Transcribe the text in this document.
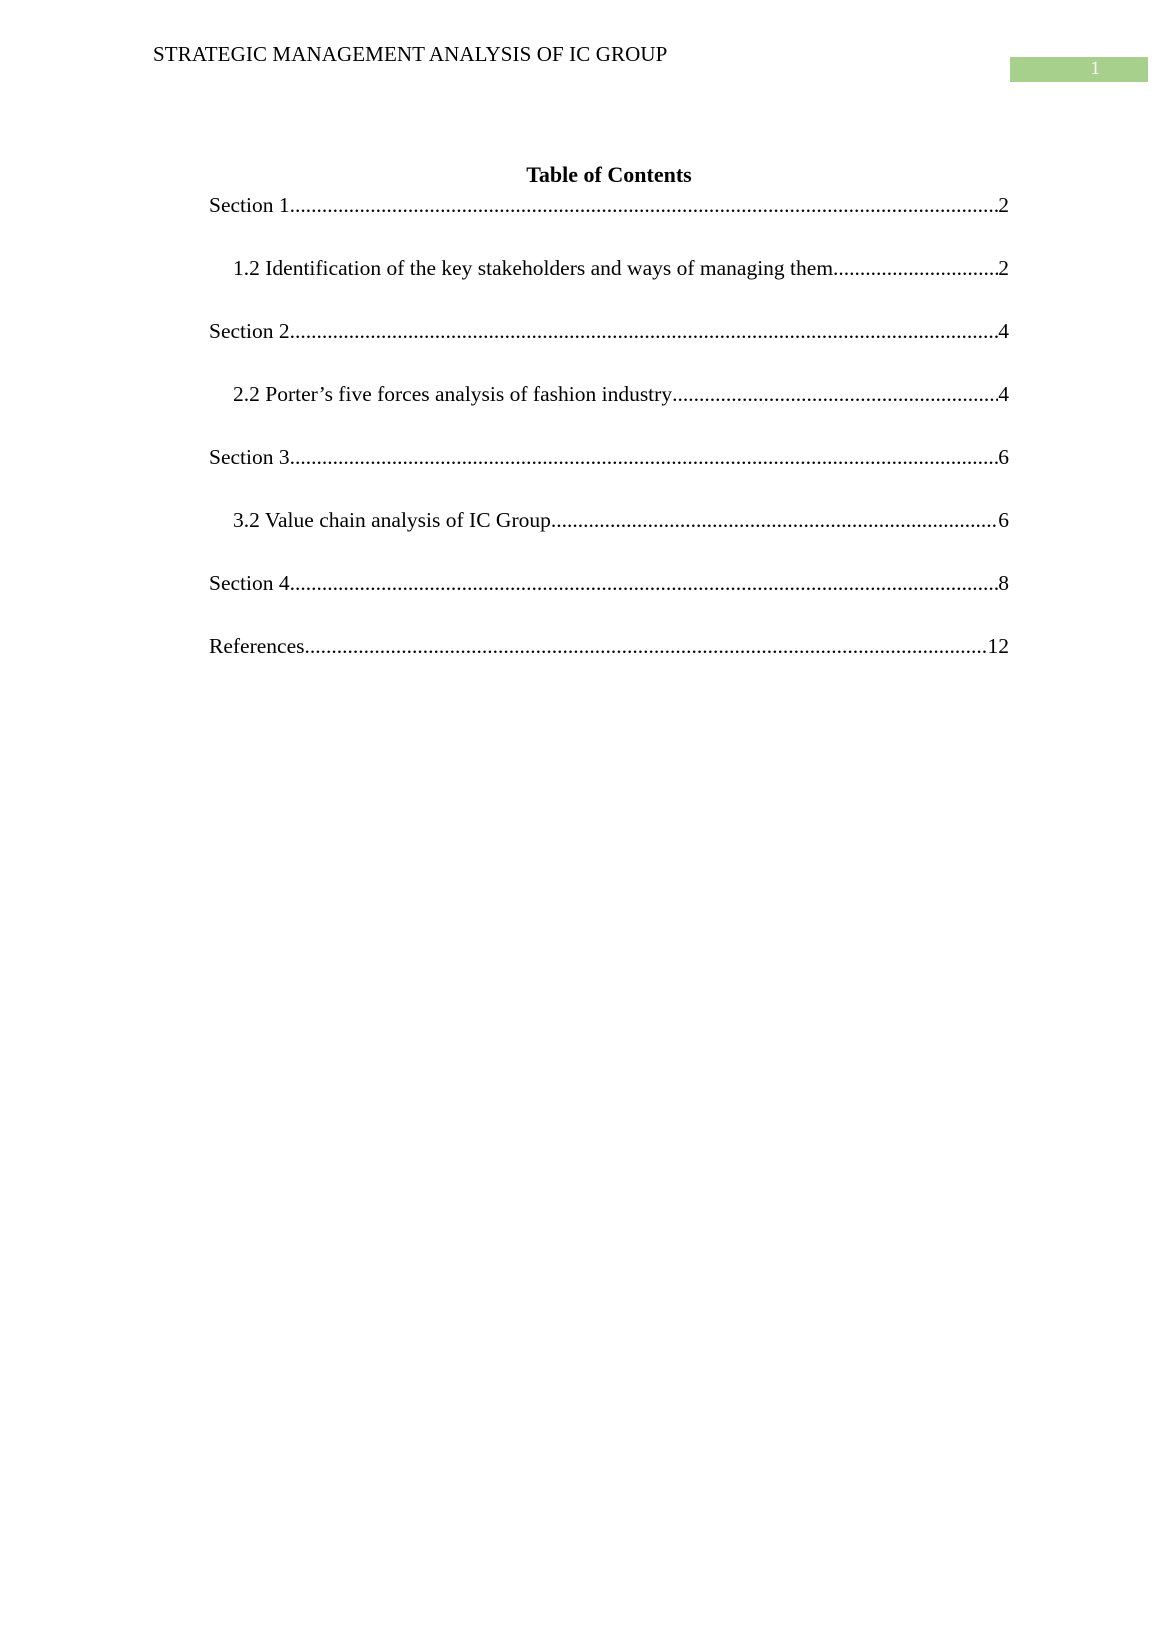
STRATEGIC MANAGEMENT ANALYSIS OF IC GROUP
1
Table of Contents
Section 1 .....	2
1.2 Identification of the key stakeholders and ways of managing them .....	2
Section 2 .....	4
2.2 Porter’s five forces analysis of fashion industry .....	4
Section 3 .....	6
3.2 Value chain analysis of IC Group .....	6
Section 4 .....	8
References .....	12
